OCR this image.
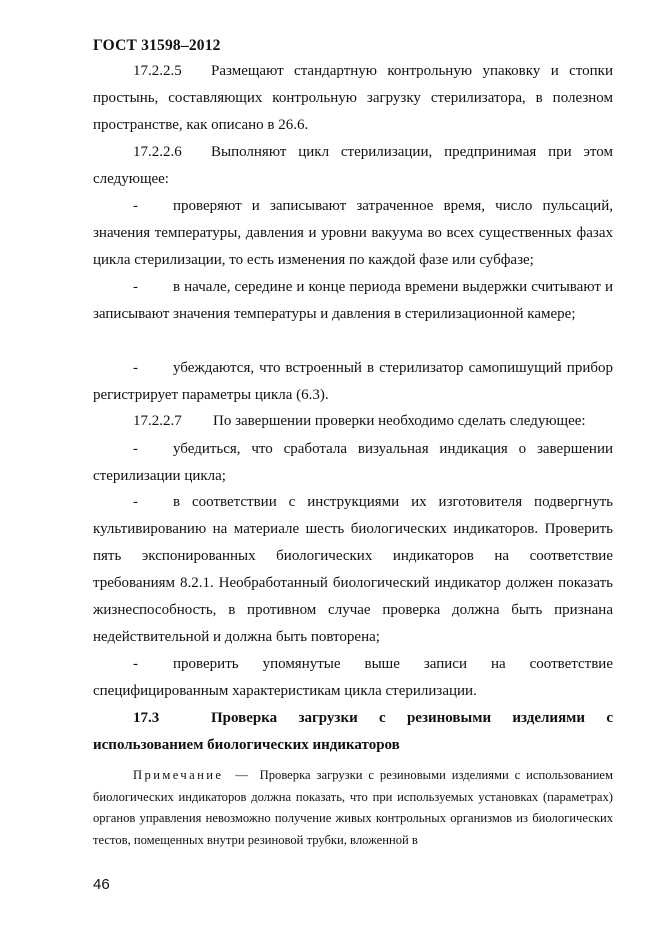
ГОСТ 31598–2012
17.2.2.5 Размещают стандартную контрольную упаковку и стопки простынь, составляющих контрольную загрузку стерилизатора, в полезном пространстве, как описано в 26.6.
17.2.2.6 Выполняют цикл стерилизации, предпринимая при этом следующее:
- проверяют и записывают затраченное время, число пульсаций, значения температуры, давления и уровни вакуума во всех существенных фазах цикла стерилизации, то есть изменения по каждой фазе или субфазе;
- в начале, середине и конце периода времени выдержки считывают и записывают значения температуры и давления в стерилизационной камере;
- убеждаются, что встроенный в стерилизатор самопишущий прибор регистрирует параметры цикла (6.3).
17.2.2.7 По завершении проверки необходимо сделать следующее:
- убедиться, что сработала визуальная индикация о завершении стерилизации цикла;
- в соответствии с инструкциями их изготовителя подвергнуть культивированию на материале шесть биологических индикаторов. Проверить пять экспонированных биологических индикаторов на соответствие требованиям 8.2.1. Необработанный биологический индикатор должен показать жизнеспособность, в противном случае проверка должна быть признана недействительной и должна быть повторена;
- проверить упомянутые выше записи на соответствие специфицированным характеристикам цикла стерилизации.
17.3	Проверка загрузки с резиновыми изделиями с использованием биологических индикаторов
Примечание — Проверка загрузки с резиновыми изделиями с использованием биологических индикаторов должна показать, что при используемых установках (параметрах) органов управления невозможно получение живых контрольных организмов из биологических тестов, помещенных внутри резиновой трубки, вложенной в
46
